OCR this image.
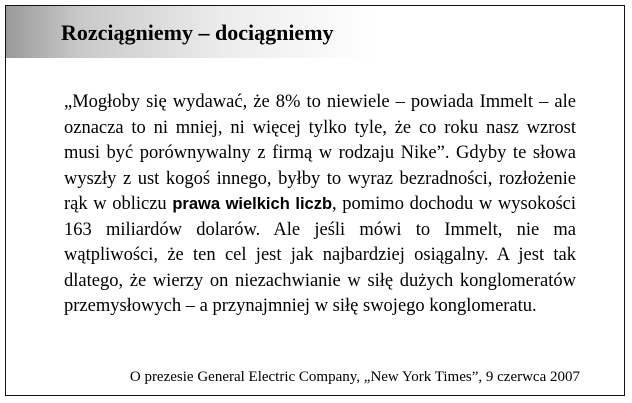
Rozciągniemy – dociągniemy

„Mogłoby się wydawać, że 8% to niewiele – powiada Immelt – ale oznacza to ni mniej, ni więcej tylko tyle, że co roku nasz wzrost musi być porównywalny z firmą w rodzaju Nike”. Gdyby te słowa wyszły z ust kogoś innego, byłby to wyraz bezradności, rozłożenie rąk w obliczu prawa wielkich liczb, pomimo dochodu w wysokości 163 miliardów dolarów. Ale jeśli mówi to Immelt, nie ma wątpliwości, że ten cel jest jak najbardziej osiągalny. A jest tak dlatego, że wierzy on niezachwianie w siłę dużych konglomeratów przemysłowych – a przynajmniej w siłę swojego konglomeratu.

O prezesie General Electric Company, „New York Times”, 9 czerwca 2007
